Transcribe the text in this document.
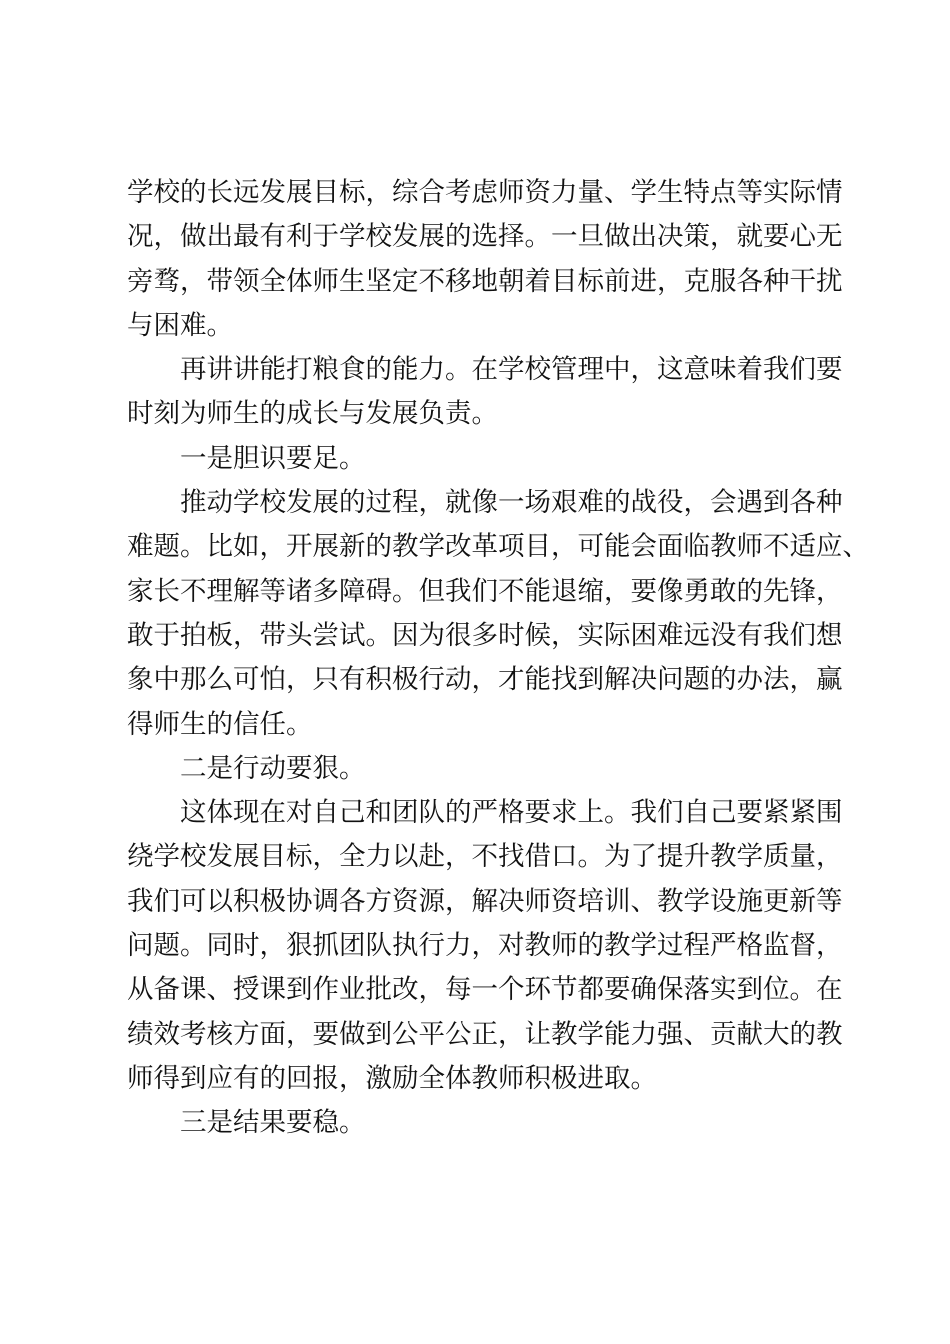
学校的长远发展目标，综合考虑师资力量、学生特点等实际情
况，做出最有利于学校发展的选择。一旦做出决策，就要心无
旁骛，带领全体师生坚定不移地朝着目标前进，克服各种干扰
与困难。
再讲讲能打粮食的能力。在学校管理中，这意味着我们要
时刻为师生的成长与发展负责。
一是胆识要足。
推动学校发展的过程，就像一场艰难的战役，会遇到各种
难题。比如，开展新的教学改革项目，可能会面临教师不适应、
家长不理解等诸多障碍。但我们不能退缩，要像勇敢的先锋，
敢于拍板，带头尝试。因为很多时候，实际困难远没有我们想
象中那么可怕，只有积极行动，才能找到解决问题的办法，赢
得师生的信任。
二是行动要狠。
这体现在对自己和团队的严格要求上。我们自己要紧紧围
绕学校发展目标，全力以赴，不找借口。为了提升教学质量，
我们可以积极协调各方资源，解决师资培训、教学设施更新等
问题。同时，狠抓团队执行力，对教师的教学过程严格监督，
从备课、授课到作业批改，每一个环节都要确保落实到位。在
绩效考核方面，要做到公平公正，让教学能力强、贡献大的教
师得到应有的回报，激励全体教师积极进取。
三是结果要稳。
